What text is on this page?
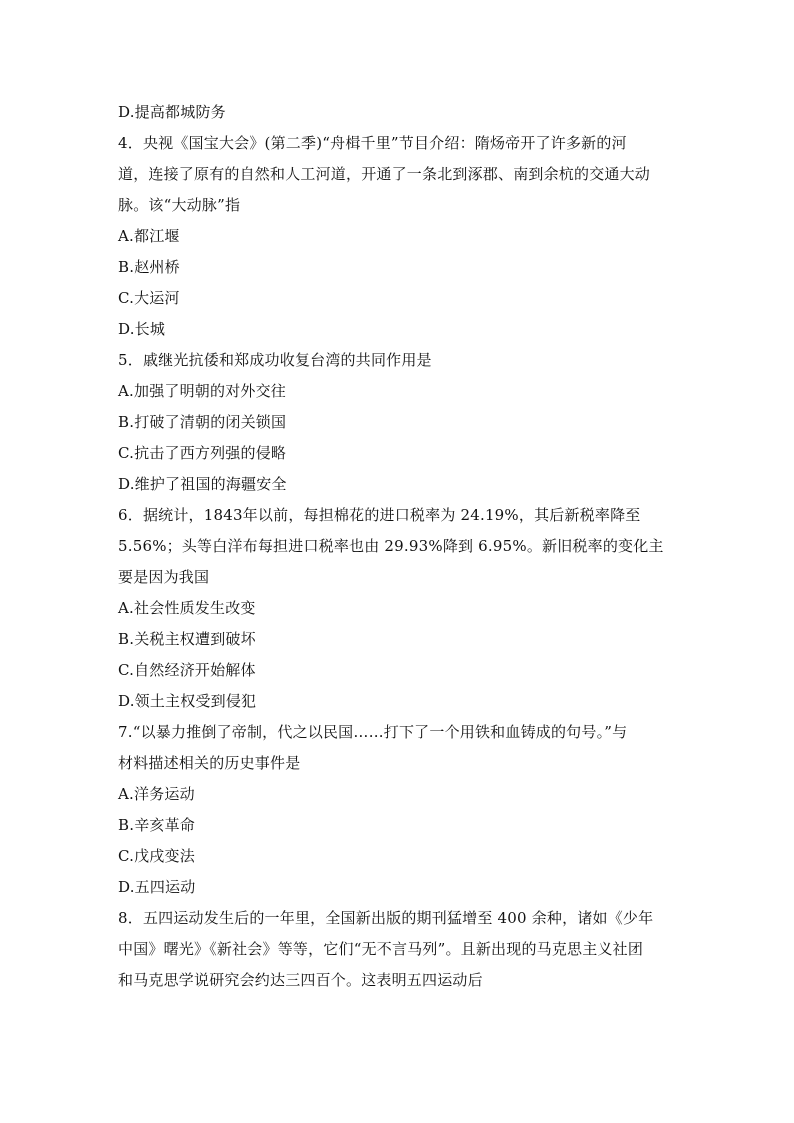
D.提高都城防务
4．央视《国宝大会》(第二季)“舟楫千里”节目介绍：隋炀帝开了许多新的河
道，连接了原有的自然和人工河道，开通了一条北到涿郡、南到余杭的交通大动
脉。该“大动脉”指
A.都江堰
B.赵州桥
C.大运河
D.长城
5．戚继光抗倭和郑成功收复台湾的共同作用是
A.加强了明朝的对外交往
B.打破了清朝的闭关锁国
C.抗击了西方列强的侵略
D.维护了祖国的海疆安全
6．据统计，1843年以前，每担棉花的进口税率为 24.19%，其后新税率降至
5.56%；头等白洋布每担进口税率也由 29.93%降到 6.95%。新旧税率的变化主
要是因为我国
A.社会性质发生改变
B.关税主权遭到破坏
C.自然经济开始解体
D.领土主权受到侵犯
7.“以暴力推倒了帝制，代之以民国……打下了一个用铁和血铸成的句号。”与
材料描述相关的历史事件是
A.洋务运动
B.辛亥革命
C.戊戌变法
D.五四运动
8．五四运动发生后的一年里，全国新出版的期刊猛增至 400 余种，诸如《少年
中国》曙光》《新社会》等等，它们“无不言马列”。且新出现的马克思主义社团
和马克思学说研究会约达三四百个。这表明五四运动后
